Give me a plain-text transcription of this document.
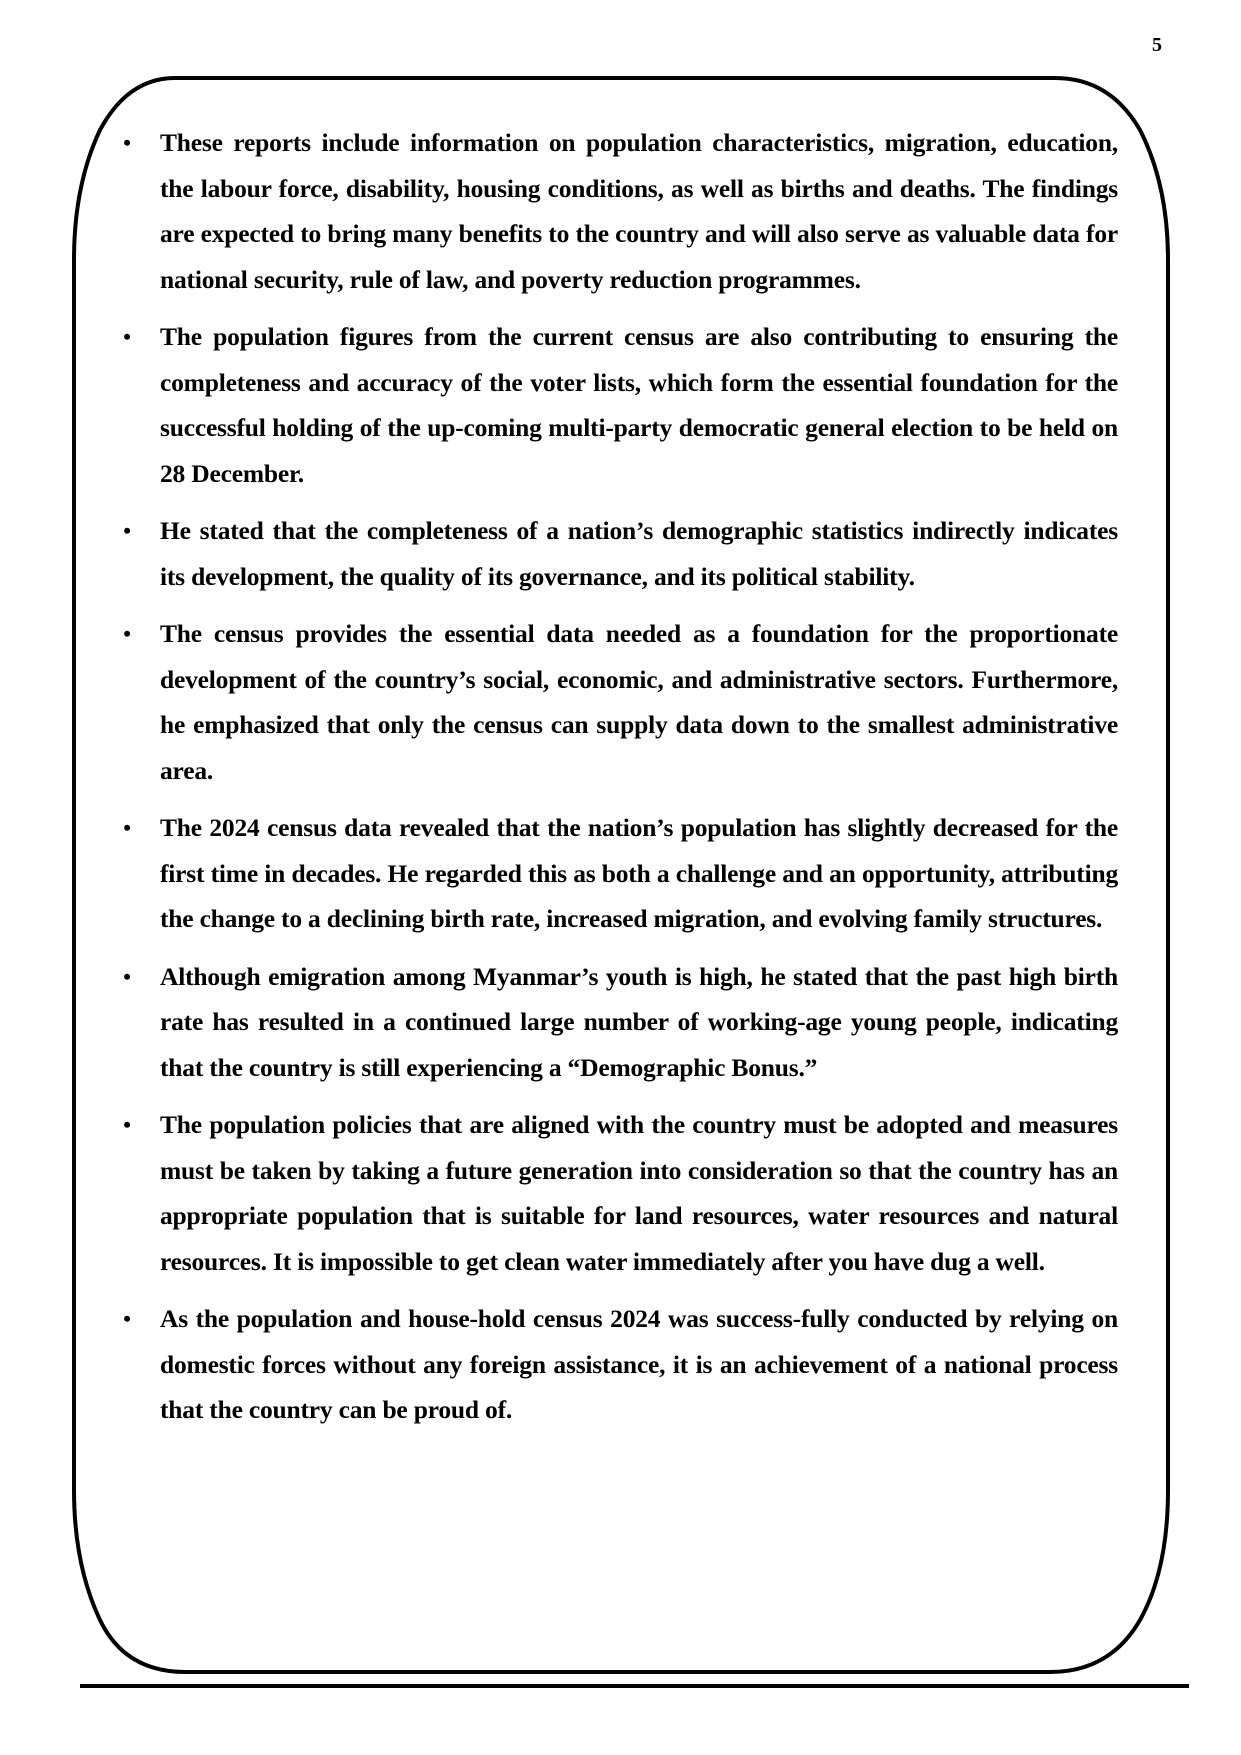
5
• These reports include information on population characteristics, migration, education, the labour force, disability, housing conditions, as well as births and deaths. The findings are expected to bring many benefits to the country and will also serve as valuable data for national security, rule of law, and poverty reduction programmes.
• The population figures from the current census are also contributing to ensuring the completeness and accuracy of the voter lists, which form the essential foundation for the successful holding of the up-coming multi-party democratic general election to be held on 28 December.
• He stated that the completeness of a nation’s demographic statistics indirectly indicates its development, the quality of its governance, and its political stability.
• The census provides the essential data needed as a foundation for the proportionate development of the country’s social, economic, and administrative sectors. Furthermore, he emphasized that only the census can supply data down to the smallest administrative area.
• The 2024 census data revealed that the nation’s population has slightly decreased for the first time in decades. He regarded this as both a challenge and an opportunity, attributing the change to a declining birth rate, increased migration, and evolving family structures.
• Although emigration among Myanmar’s youth is high, he stated that the past high birth rate has resulted in a continued large number of working-age young people, indicating that the country is still experiencing a “Demographic Bonus.”
• The population policies that are aligned with the country must be adopted and measures must be taken by taking a future generation into consideration so that the country has an appropriate population that is suitable for land resources, water resources and natural resources. It is impossible to get clean water immediately after you have dug a well.
• As the population and house-hold census 2024 was success-fully conducted by relying on domestic forces without any foreign assistance, it is an achievement of a national process that the country can be proud of.
